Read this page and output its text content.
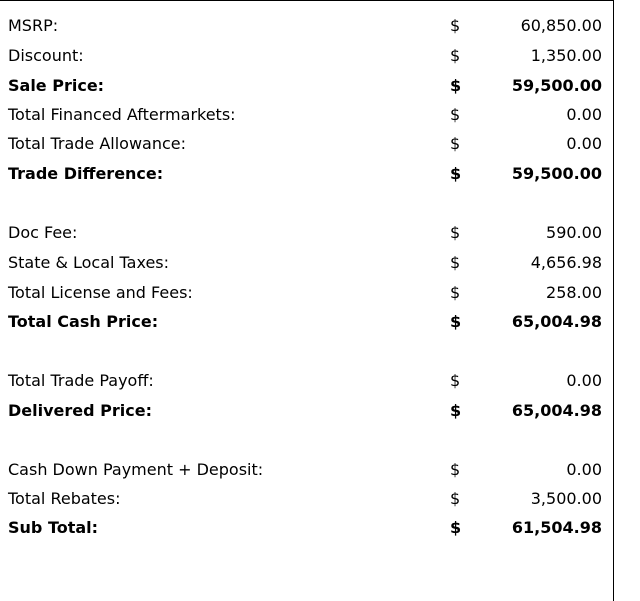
MSRP:	$	60,850.00
Discount:	$	1,350.00
Sale Price:	$	59,500.00
Total Financed Aftermarkets:	$	0.00
Total Trade Allowance:	$	0.00
Trade Difference:	$	59,500.00
Doc Fee:	$	590.00
State & Local Taxes:	$	4,656.98
Total License and Fees:	$	258.00
Total Cash Price:	$	65,004.98
Total Trade Payoff:	$	0.00
Delivered Price:	$	65,004.98
Cash Down Payment + Deposit:	$	0.00
Total Rebates:	$	3,500.00
Sub Total:	$	61,504.98
